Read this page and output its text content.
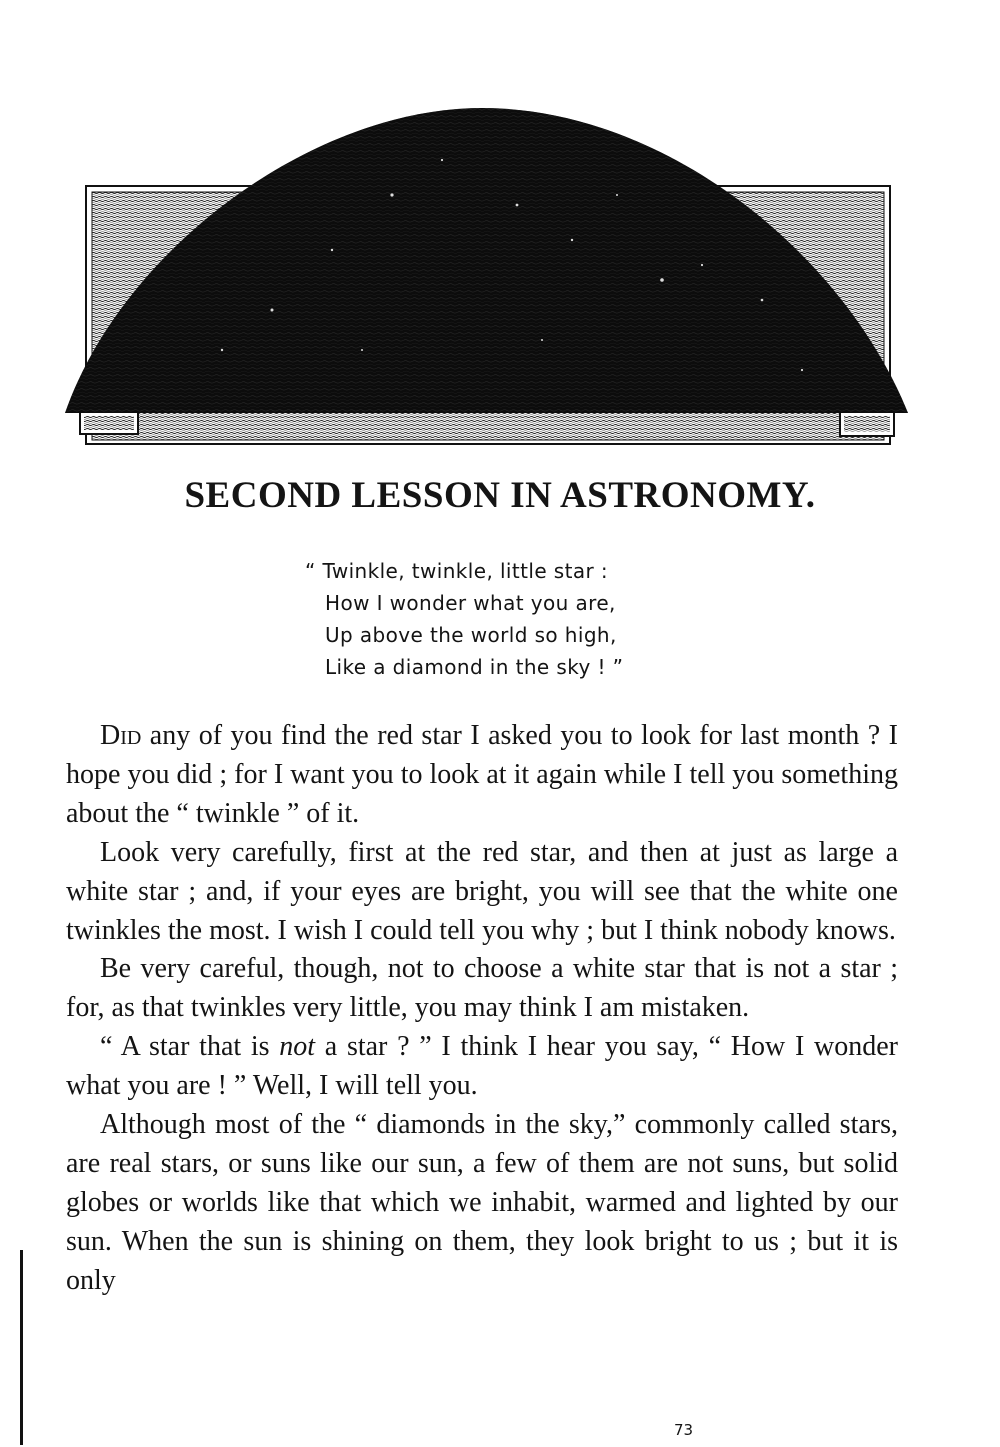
SECOND LESSON IN ASTRONOMY.
“ Twinkle, twinkle, little star :
How I wonder what you are,
Up above the world so high,
Like a diamond in the sky ! ”

Did any of you find the red star I asked you to look for last month ? I hope you did ; for I want you to look at it again while I tell you something about the “ twinkle ” of it.

Look very carefully, first at the red star, and then at just as large a white star ; and, if your eyes are bright, you will see that the white one twinkles the most. I wish I could tell you why ; but I think nobody knows.

Be very careful, though, not to choose a white star that is not a star ; for, as that twinkles very little, you may think I am mistaken.

“ A star that is not a star ? ” I think I hear you say, “ How I wonder what you are ! ” Well, I will tell you.

Although most of the “ diamonds in the sky,” commonly called stars, are real stars, or suns like our sun, a few of them are not suns, but solid globes or worlds like that which we inhabit, warmed and lighted by our sun. When the sun is shining on them, they look bright to us ; but it is only

73
